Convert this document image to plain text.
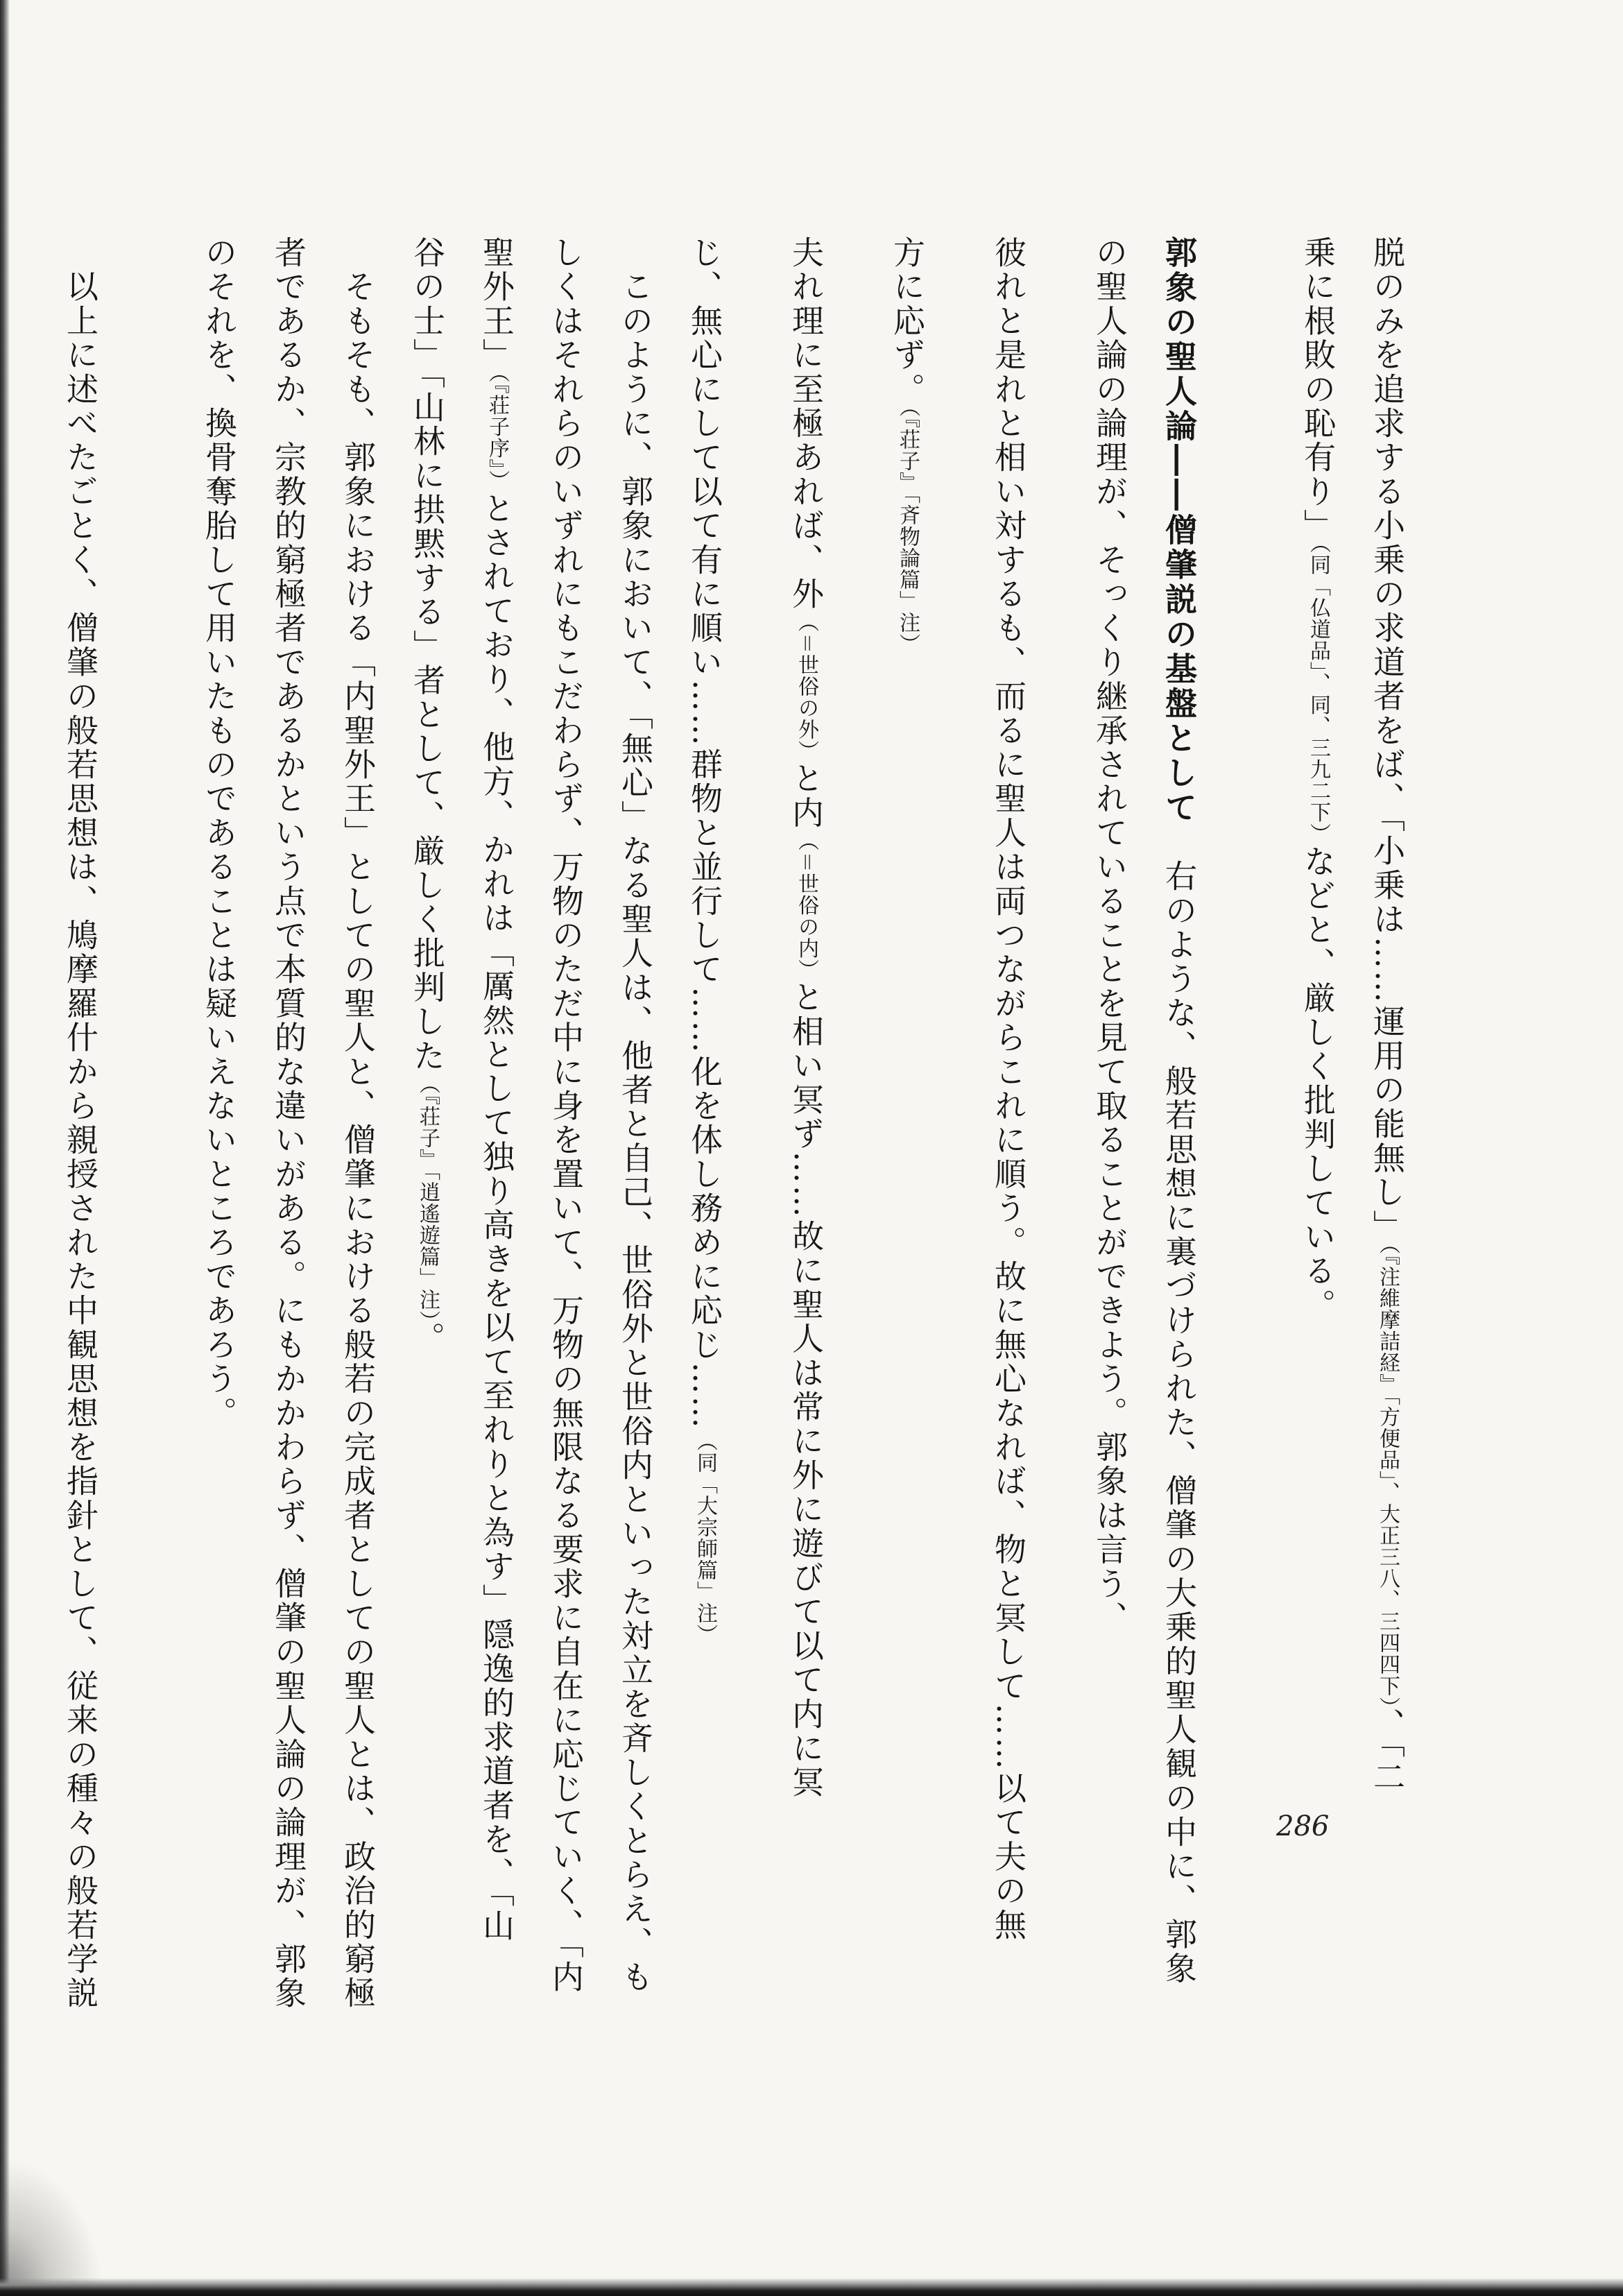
脱のみを追求する小乗の求道者をば、「小乗は……運用の能無し」（『注維摩詰経』「方便品」、大正三八、三四四下）、「二

乗に根敗の恥有り」（同「仏道品」、同、三九二下）などと、厳しく批判している。

郭象の聖人論――僧肇説の基盤として　右のような、般若思想に裏づけられた、僧肇の大乗的聖人観の中に、郭象

の聖人論の論理が、そっくり継承されていることを見て取ることができよう。郭象は言う、

彼れと是れと相い対するも、而るに聖人は両つながらこれに順う。故に無心なれば、物と冥して……以て夫の無

方に応ず。（『荘子』「斉物論篇」注）

夫れ理に至極あれば、外（＝世俗の外）と内（＝世俗の内）と相い冥ず……故に聖人は常に外に遊びて以て内に冥

じ、無心にして以て有に順い……群物と並行して……化を体し務めに応じ……（同「大宗師篇」注）

　このように、郭象において、「無心」なる聖人は、他者と自己、世俗外と世俗内といった対立を斉しくとらえ、も

しくはそれらのいずれにもこだわらず、万物のただ中に身を置いて、万物の無限なる要求に自在に応じていく、「内

聖外王」（『荘子序』）とされており、他方、かれは「厲然として独り高きを以て至れりと為す」隠逸的求道者を、「山

谷の士」「山林に拱黙する」者として、厳しく批判した（『荘子』「逍遙遊篇」注）。

　そもそも、郭象における「内聖外王」としての聖人と、僧肇における般若の完成者としての聖人とは、政治的窮極

者であるか、宗教的窮極者であるかという点で本質的な違いがある。にもかかわらず、僧肇の聖人論の論理が、郭象

のそれを、換骨奪胎して用いたものであることは疑いえないところであろう。

　以上に述べたごとく、僧肇の般若思想は、鳩摩羅什から親授された中観思想を指針として、従来の種々の般若学説	286
